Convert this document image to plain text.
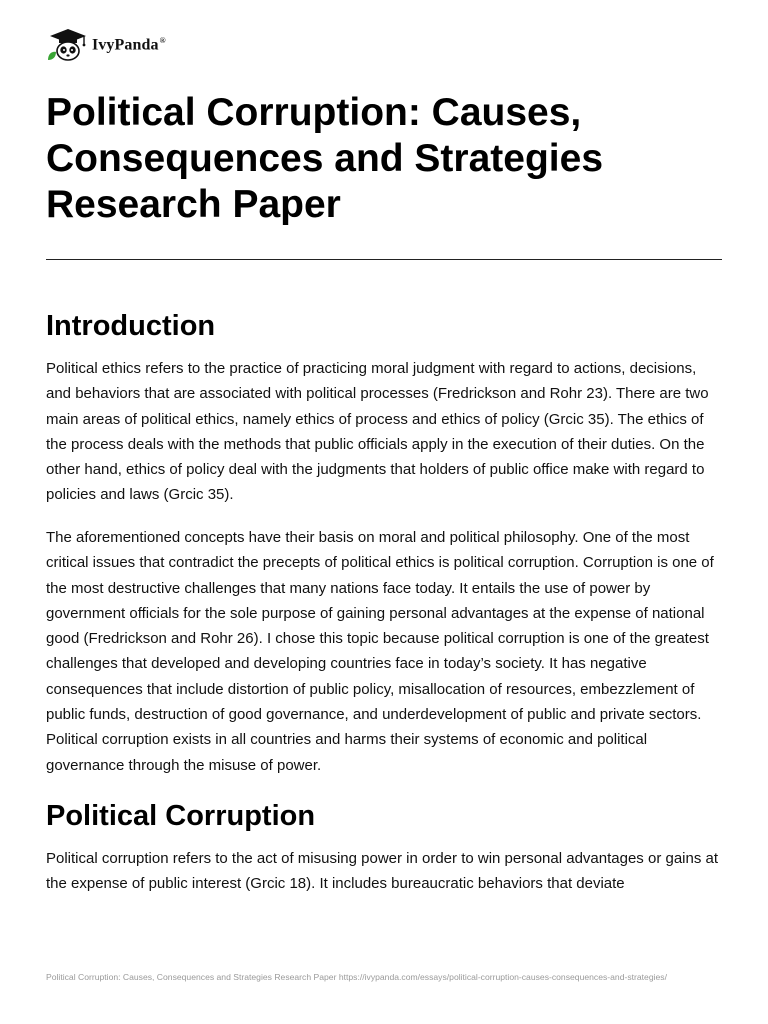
IvyPanda®
Political Corruption: Causes, Consequences and Strategies Research Paper
Introduction

Political ethics refers to the practice of practicing moral judgment with regard to actions, decisions, and behaviors that are associated with political processes (Fredrickson and Rohr 23). There are two main areas of political ethics, namely ethics of process and ethics of policy (Grcic 35). The ethics of the process deals with the methods that public officials apply in the execution of their duties. On the other hand, ethics of policy deal with the judgments that holders of public office make with regard to policies and laws (Grcic 35).

The aforementioned concepts have their basis on moral and political philosophy. One of the most critical issues that contradict the precepts of political ethics is political corruption. Corruption is one of the most destructive challenges that many nations face today. It entails the use of power by government officials for the sole purpose of gaining personal advantages at the expense of national good (Fredrickson and Rohr 26). I chose this topic because political corruption is one of the greatest challenges that developed and developing countries face in today’s society. It has negative consequences that include distortion of public policy, misallocation of resources, embezzlement of public funds, destruction of good governance, and underdevelopment of public and private sectors. Political corruption exists in all countries and harms their systems of economic and political governance through the misuse of power.

Political Corruption

Political corruption refers to the act of misusing power in order to win personal advantages or gains at the expense of public interest (Grcic 18). It includes bureaucratic behaviors that deviate

Political Corruption: Causes, Consequences and Strategies Research Paper https://ivypanda.com/essays/political-corruption-causes-consequences-and-strategies/
